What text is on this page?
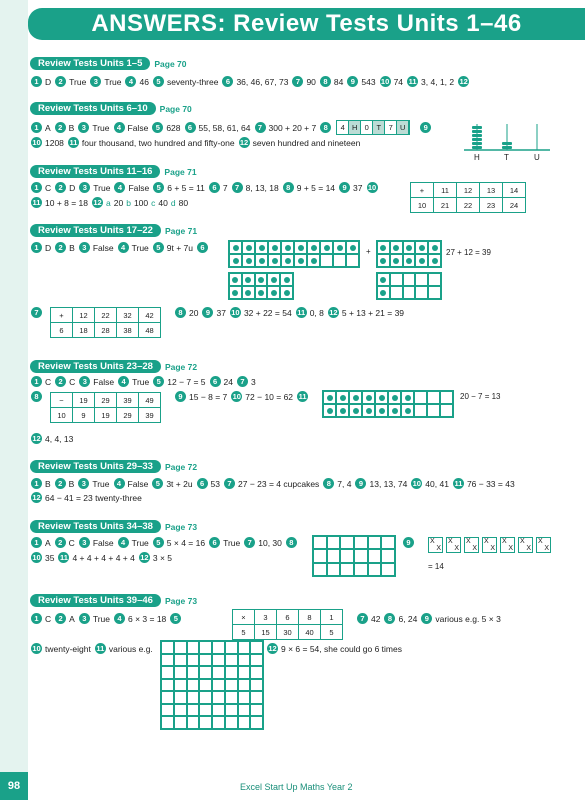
ANSWERS: Review Tests Units 1–46
Review Tests Units 1–5	Page 70
1 D 2 True 3 True 4 46 5 seventy-three 6 36, 46, 67, 73 7 90 8 84 9 543 10 74 11 3, 4, 1, 2 12
Review Tests Units 6–10	Page 70
1 A 2 B 3 True 4 False 5 628 6 55, 58, 61, 64 7 300 + 20 + 7 8	4 H 0	T	7 U	9
10 1208 11 four thousand, two hundred and fifty-one 12 seven hundred and nineteen
H	T	U
Review Tests Units 11–16	Page 71
1 C 2 D 3 True 4 False 5 6 + 5 = 11 6 7 7 8, 13, 18 8 9 + 5 = 14 9 37 10
11 10 + 8 = 18 12 a 20 b 100 c 40 d 80
+	11	12	13	14
10	21	22	23	24
Review Tests Units 17–22	Page 71
1 D 2 B 3 False 4 True 5 9t + 7u 6	+	27 + 12 = 39
7	+	12	22	32	42
6	18	28	38	48
8 20 9 37 10 32 + 22 = 54 11 0, 8 12 5 + 13 + 21 = 39
Review Tests Units 23–28	Page 72
1 C 2 C 3 False 4 True 5 12 − 7 = 5 6 24 7 3
8	−	19	29	39	49
10	9	19	29	39
9 15 − 8 = 7 10 72 − 10 = 62 11	20 − 7 = 13
12 4, 4, 13
Review Tests Units 29–33	Page 72
1 B 2 B 3 True 4 False 5 3t + 2u 6 53 7 27 − 23 = 4 cupcakes 8 7, 4 9 13, 13, 74 10 40, 41 11 76 − 33 = 43
12 64 − 41 = 23 twenty-three
Review Tests Units 34–38	Page 73
1 A 2 C 3 False 4 True 5 5 × 4 = 16 6 True 7 10, 30 8
10 35 11 4 + 4 + 4 + 4 + 4 12 3 × 5
9	X
X
X
X
X
X
X
X
X
X
X
X
X
X
= 14
Review Tests Units 39–46	Page 73
1 C 2 A 3 True 4 6 × 3 = 18 5	×	3	6	8	1
5	15	30	40	5
7 42 8 6, 24 9 various e.g. 5 × 3
10 twenty-eight 11 various e.g.	12 9 × 6 = 54, she could go 6 times
98	Excel Start Up Maths Year 2
